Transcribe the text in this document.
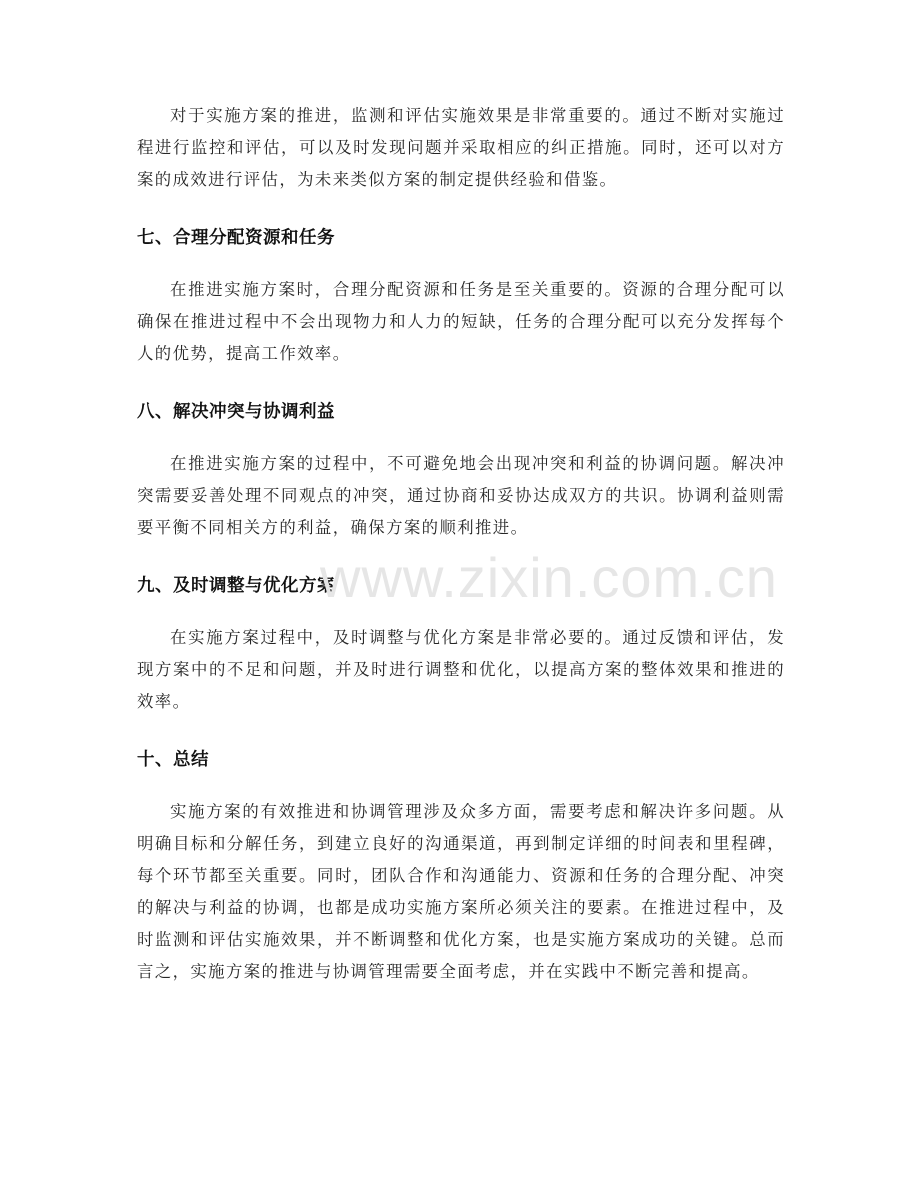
对于实施方案的推进，监测和评估实施效果是非常重要的。通过不断对实施过程进行监控和评估，可以及时发现问题并采取相应的纠正措施。同时，还可以对方案的成效进行评估，为未来类似方案的制定提供经验和借鉴。

七、合理分配资源和任务

在推进实施方案时，合理分配资源和任务是至关重要的。资源的合理分配可以确保在推进过程中不会出现物力和人力的短缺，任务的合理分配可以充分发挥每个人的优势，提高工作效率。

八、解决冲突与协调利益

在推进实施方案的过程中，不可避免地会出现冲突和利益的协调问题。解决冲突需要妥善处理不同观点的冲突，通过协商和妥协达成双方的共识。协调利益则需要平衡不同相关方的利益，确保方案的顺利推进。

九、及时调整与优化方案

在实施方案过程中，及时调整与优化方案是非常必要的。通过反馈和评估，发现方案中的不足和问题，并及时进行调整和优化，以提高方案的整体效果和推进的效率。

十、总结

实施方案的有效推进和协调管理涉及众多方面，需要考虑和解决许多问题。从明确目标和分解任务，到建立良好的沟通渠道，再到制定详细的时间表和里程碑，每个环节都至关重要。同时，团队合作和沟通能力、资源和任务的合理分配、冲突的解决与利益的协调，也都是成功实施方案所必须关注的要素。在推进过程中，及时监测和评估实施效果，并不断调整和优化方案，也是实施方案成功的关键。总而言之，实施方案的推进与协调管理需要全面考虑，并在实践中不断完善和提高。

www.zixin.com.cn
